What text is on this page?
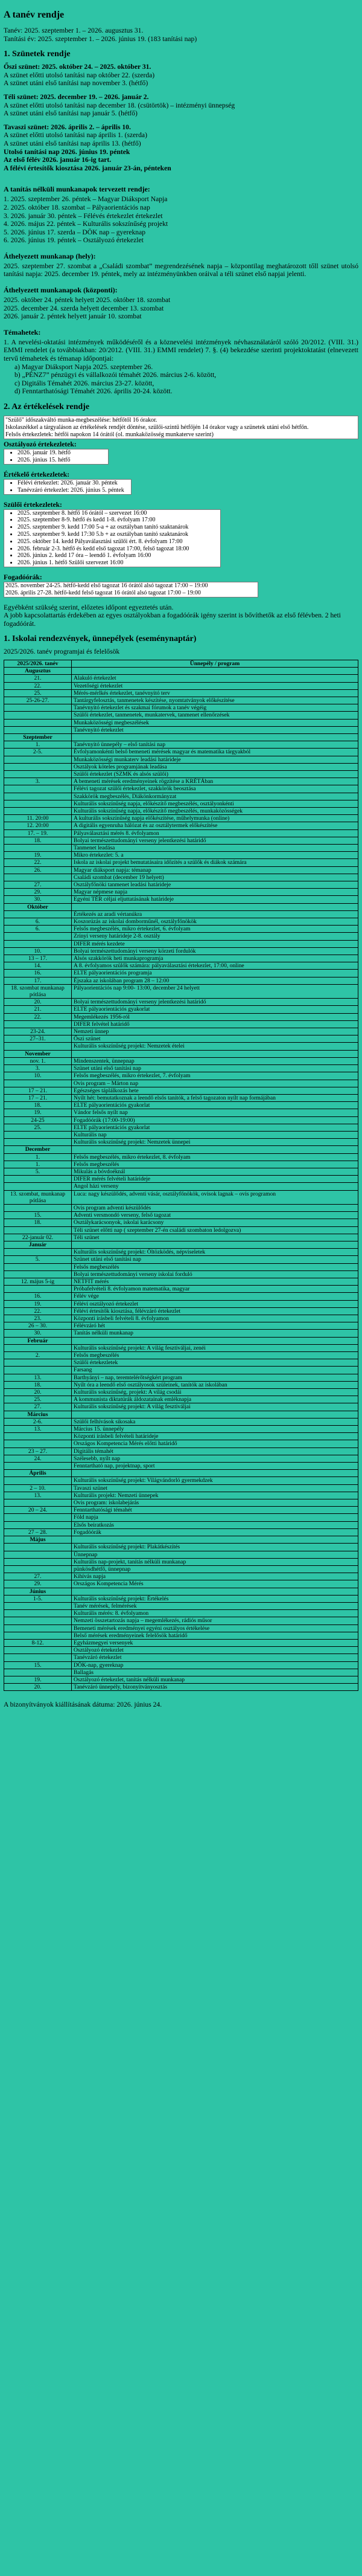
A tanév rendje

Tanév: 2025. szeptember 1. – 2026. augusztus 31.

Tanítási év: 2025. szeptember 1. – 2026. június 19. (183 tanítási nap)

1. Szünetek rendje

Őszi szünet: 2025. október 24. – 2025. október 31.

A szünet előtti utolsó tanítási nap október 22. (szerda)

A szünet utáni első tanítási nap november 3. (hétfő)

Téli szünet: 2025. december 19. – 2026. január 2.

A szünet előtti utolsó tanítási nap december 18. (csütörtök) – intézményi ünnepség

A szünet utáni első tanítási nap január 5. (hétfő)

Tavaszi szünet: 2026. április 2. – április 10.

A szünet előtti utolsó tanítási nap április 1. (szerda)

A szünet utáni első tanítási nap április 13. (hétfő)

Utolsó tanítási nap 2026. június 19. péntek

Az első félév 2026. január 16-ig tart.

A félévi értesítők kiosztása 2026. január 23-án, pénteken

A tanítás nélküli munkanapok tervezett rendje:
1. 2025. szeptember 26. péntek – Magyar Diáksport Napja
2. 2025. október 18. szombat – Pályaorientációs nap
3. 2026. január 30. péntek – Félévés értekezlet értekezlet
4. 2026. május 22. péntek – Kulturális sokszínűség projekt
5. 2026. június 17. szerda – DÖK nap – gyereknap
6. 2026. június 19. péntek – Osztályozó értekezlet
Áthelyezett munkanap (hely):

2025. szeptember 27. szombat a „Családi szombat” megrendezésének napja – központilag meghatározott tőll szünet utolsó tanítási napja: 2025. december 19. péntek, mely az intézményünkben oráival a téli szünet első napjai jelenti.

Áthelyezett munkanapok (központi):

2025. október 24. péntek helyett 2025. október 18. szombat

2025. december 24. szerda helyett december 13. szombat

2026. január 2. péntek helyett január 10. szombat

Témahetek:

1. A nevelési-oktatási intézmények működéséről és a köznevelési intézmények névhasználatáról szóló 20/2012. (VIII. 31.) EMMI rendelet (a továbbiakban: 20/2012. (VIII. 31.) EMMI rendelet) 7. §. (4) bekezdése szerinti projektoktatást (elnevezett tervű témahetek és témanap időpontjai:

a) Magyar Diáksport Napja 2025. szeptember 26.

b) „PÉNZ7” pénzügyi és vállalkozói témahét 2026. március 2-6. között,

c) Digitális Témahét 2026. március 23-27. között,

d) Fenntarthatósági Témahét 2026. április 20-24. között.

2. Az értékelések rendje

"Szülő" időszakváltó munka-megbeszélése: hétfőtől 16 órakor.

Iskolaszékkel a tárgyaláson az értékelések rendjét döntése, szülői-szintű hétfőjén 14 órakor vagy a szünetek utáni első hétfőn.

Felsős értekezletek: hétfői napokon 14 órától (ol. munkaközösség munkaterve szerint)

Osztályozó értekezletek:
• 2026. január 19. hétfő
• 2026. június 15. hétfő
Értékelő értekezletek:
• Félévi értekezlet: 2026. január 30. péntek
• Tanévzáró értekezlet: 2026. június 5. péntek
Szülői értekezletek:
• 2025. szeptember 8. hétfő 16 órától – szervezet 16:00
• 2025. szeptember 8-9. hétfő és kedd 1-8. évfolyam 17:00
• 2025. szeptember 9. kedd 17:00 5-a + az osztályban tanító szaktanárok
• 2025. szeptember 9. kedd 17:30 5.b + az osztályban tanító szaktanárok
• 2025. október 14. kedd Pályaválasztási szülői ért. 8. évfolyam 17:00
• 2026. február 2-3. hétfő és kedd első tagozat 17:00, felső tagozat 18:00
• 2026. június 2. kedd 17 óra – leendő 1. évfolyam 16:00
• 2026. június 1. hétfő Szülői szervezet 16:00
Fogadóórák:

2025. november 24-25. hétfő-kedd első tagozat 16 órától alsó tagozat 17:00 – 19:00

2026. április 27-28. hétfő-kedd felső tagozat 16 órától alsó tagozat 17:00 – 19:00

Egyébként szükség szerint, előzetes időpont egyeztetés után.

A jobb kapcsolattartás érdekében az egyes osztályokban a fogadóórák igény szerint is bővíthetők az első félévben. 2 heti fogadóórát.

1. Iskolai rendezvények, ünnepélyek (eseménynaptár)

2025/2026. tanév programjai és felelősök

2025/2026. tanév	Ünnepély / program
Augusztus	
21.	Alakuló értekezlet
22.	Vezetőségi értekezlet
25.	Mérés-mérlkés értekezlet, tanévnyitó terv
25-26-27.	Tantárgyfelosztás, tanmenetek készítése, nyomtatványok előkészítése
	Tanévnyitó értekezlet és szakmai fórumok a tanév végéig
	Szülői értekezlet, tanmenetek, munkatervek, tanmenet ellenőrzések
	Munkaközösségi megbeszélések
	Tanévnyitó értekezlet
Szeptember	
1.	Tanévnyitó ünnepély – első tanítási nap
2-5.	Évfolyamonkénti belső bemeneti mérések magyar és matematika tárgyakból
	Munkaközösségi munkaterv leadási határideje
	Osztályok köteles programjának leadása
	Szülői értekezlet (SZMK és alsós szülői)
3.	A bemeneti mérések eredményeinek rögzítése a KRÉTÁban
	Félévi tagozat szülői értekezlet, szakkörök beosztása
	Szakkörök megbeszélés, Diákönkormányzat
	Kulturális sokszínűség napja, előkészítő megbeszélés, osztályonkénti
	Kulturális sokszínűség napja, előkészítő megbeszélés, munkaközösségek
11. 20:00	A kulturális sokszínűség napja előkészítése, műhelymunka (online)
12. 20:00	A digitális egyenruha hálózat és az osztálytermek előkészítése
17. – 19.	Pályaválasztási mérés 8. évfolyamon
18.	Bolyai természettudományi verseny jelentkezési határidő
	Tanmenet leadása
19.	Mikro értekezlet: 5. a
22.	Iskola az iskolai projekt bemutatásaira időzítés a szülők és diákok számára
26.	Magyar diáksport napja: témanap
	Családi szombat (december 19 helyett)
27.	Osztályfőnöki tanmenet leadási határideje
29.	Magyar népmese napja
30.	Egyéni TÉR céljai eljuttatásának határideje
Október	
	Értékezés az aradi vértanúkra
6.	Koszorúzás az iskolai domborműnél, osztályfőnökök
6.	Felsős megbeszélés, mikro értekezlet, 6. évfolyam
	Zrínyi verseny határideje 2-8. osztály
	DIFER mérés kezdete
10.	Bolyai természettudományi verseny körzeti fordulók
13 – 17.	Alsós szakkörök heti munkaprogramja
14.	A 8. évfolyamos szülők számára: pályaválasztási értekezlet, 17:00, online
16.	ELTE pályaorientációs programja
17.	Éjszaka az iskolában program 28 – 12:00
18. szombat munkanap pótlása	Pályaorientációs nap 9:00- 13:00, december 24 helyett
20.	Bolyai természettudományi verseny jelentkezési határidő
21.	ELTE pályaorientációs gyakorlat
22.	Megemlékezés 1956-ról
	DIFER felvétel határidő
23-24.	Nemzeti ünnep
27–31.	Őszi szünet
	Kulturális sokszínűség projekt: Nemzetek ételei
November	
nov. 1.	Mindenszentek, ünnepnap
3.	Szünet utáni első tanítási nap
10.	Felsős megbeszélés, mikro értekezlet, 7. évfolyam
	Ovis program – Márton nap
17 – 21.	Egészséges táplálkozás hete
17 – 21.	Nyílt hét: bemutatkoznak a leendő elsős tanítók, a felső tagozaton nyílt nap formájában
18.	ELTE pályaorientációs gyakorlat
19.	Vándor felsős nyílt nap
24-25	Fogadóórák (17:00-19:00)
25.	ELTE pályaorientációs gyakorlat
	Kulturális nap
	Kulturális sokszínűség projekt: Nemzetek ünnepei
December	
1.	Felsős megbeszélés, mikro értekezlet, 8. évfolyam
1.	Felsős megbeszélés
5.	Mikulás a bóvdoéknál
	DIFER mérés felvételi határideje
	Angol házi verseny
13. szombat, munkanap pótlása	Luca: nagy készülődés, adventi vásár, osztályfőnökök, ovisok lagnak – ovis programon
	Ovis program adventi készülődés
15.	Adventi versmondó verseny, felső tagozat
18.	Osztálykarácsonyok, iskolai karácsony
	Téli szünet előtti nap ( szeptember 27-én családi szombaton ledolgozva)
22-január 02.	Téli szünet
Január	
	Kulturális sokszínűség projekt: Öltözködés, népviseletek
5.	Szünet utáni első tanítási nap
	Felsős megbeszélés
	Bolyai természettudományi verseny iskolai forduló
12. május 5-ig	NETFIT mérés
	Próbafelvételi 8. évfolyamon matematika, magyar
16.	Félév vége
19.	Félévi osztályozó értekezlet
22.	Félévi értesítők kiosztása, félévzáró értekezlet
23.	Központi írásbeli felvételi 8. évfolyamon
26 – 30.	Félévzáró hét
30.	Tanítás nélküli munkanap
Február	
	Kulturális sokszínűség projekt: A világ fesztiváljai, zenéi
2.	Felsős megbeszélés
	Szülői értekezletek
	Farsang
13.	Barthyányi – nap, teremtelérőtségkért program
18.	Nyílt óra a leendő első osztályosok szüleinek, tanítók az iskolában
20.	Kulturális sokszínűség, projekt: A világ csodái
25.	A kommunista diktatúrák áldozatainak emléknapja
27.	Kulturális sokszínűség projekt: A világ fesztiváljai
Március	
2-6.	Szülői felhívások sikosaka
13.	Március 15. ünnepély
	Központi írásbeli felvételi határideje
	Országos Kompetencia Mérés előtti határidő
23 – 27.	Digitális témahét
24.	Szélesebb, nyílt nap
	Fenntartható nap, projektnap, sport
Április	
	Kulturális sokszínűség projekt: Világvándorló gyermekdzek
2 – 10.	Tavaszi szünet
13.	Kulturális projekt: Nemzeti ünnepek
	Ovis program: iskolabejárás
20 – 24.	Fenntarthatósági témahét
	Föld napja
	Elsős beiratkozás
27 – 28.	Fogadóórák
Május	
	Kulturális sokszínűség projekt: Plakátkészítés
	Ünnepnap
	Kulturális nap-projekt, tanítás nélküli munkanap
	pünkösdhétfő, ünnepnap
27.	Kihívás napja
29.	Országos Kompetencia Mérés
Június	
1-5.	Kulturális sokszínűség projekt: Értékelés
	Tanév mérések, felmérések
	Kulturális mérés: 8. évfolyamon
	Nemzeti összetartozás napja – megemlékezés, rádiós műsor
	Bemeneti mérések eredményei egyéni osztályos értékelése
	Belső mérések eredményeinek felelősök határidő
8-12.	Egyházmegyei versenyek
	Osztályozó értekezlet
	Tanévzáró értekezlet
15.	DÖK-nap, gyereknap
	Ballagás
19.	Osztályozó értekezlet, tanítás nélküli munkanap
20.	Tanévzáró ünnepély, bizonyítványosztás
A bizonyítványok kiállításának dátuma: 2026. június 24.
